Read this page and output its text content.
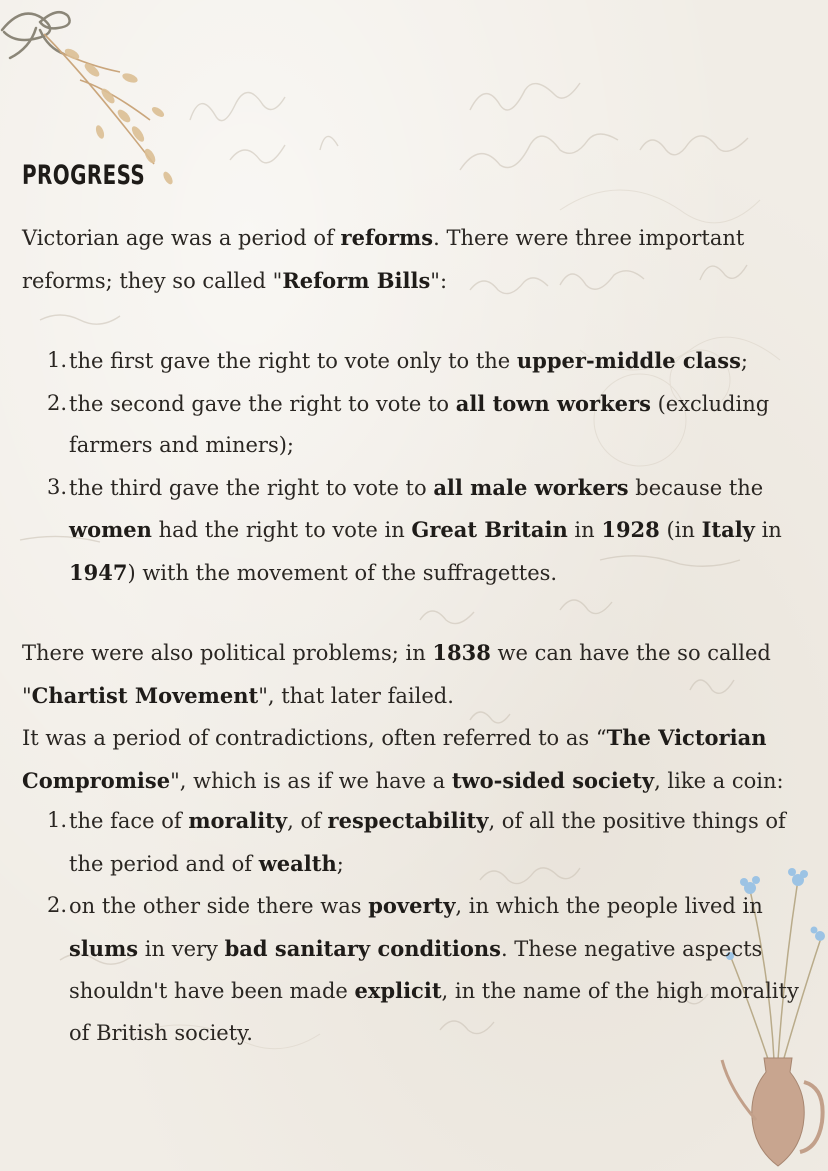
PROGRESS

Victorian age was a period of reforms. There were three important reforms; they so called "Reform Bills":

1. the first gave the right to vote only to the upper-middle class;
2. the second gave the right to vote to all town workers (excluding farmers and miners);
3. the third gave the right to vote to all male workers because the women had the right to vote in Great Britain in 1928 (in Italy in 1947) with the movement of the suffragettes.

There were also political problems; in 1838 we can have the so called "Chartist Movement", that later failed.
It was a period of contradictions, often referred to as “The Victorian Compromise", which is as if we have a two-sided society, like a coin:

1. the face of morality, of respectability, of all the positive things of the period and of wealth;
2. on the other side there was poverty, in which the people lived in slums in very bad sanitary conditions. These negative aspects shouldn't have been made explicit, in the name of the high morality of British society.
